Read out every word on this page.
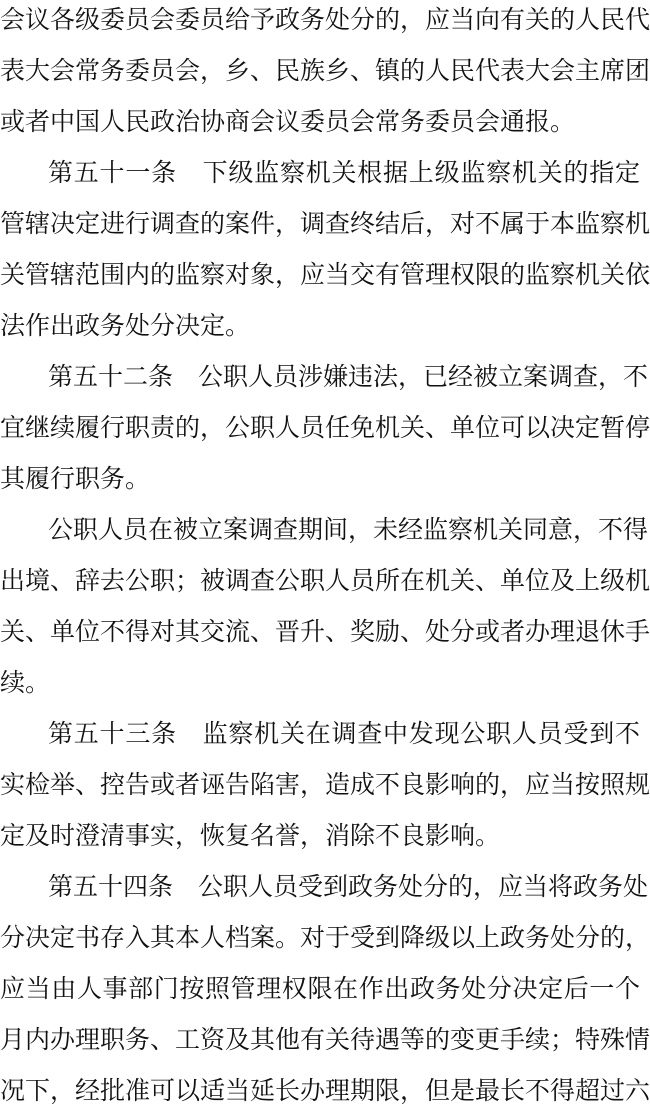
会议各级委员会委员给予政务处分的，应当向有关的人民代
表大会常务委员会，乡、民族乡、镇的人民代表大会主席团
或者中国人民政治协商会议委员会常务委员会通报。
第五十一条　下级监察机关根据上级监察机关的指定
管辖决定进行调查的案件，调查终结后，对不属于本监察机
关管辖范围内的监察对象，应当交有管理权限的监察机关依
法作出政务处分决定。
第五十二条　公职人员涉嫌违法，已经被立案调查，不
宜继续履行职责的，公职人员任免机关、单位可以决定暂停
其履行职务。
公职人员在被立案调查期间，未经监察机关同意，不得
出境、辞去公职；被调查公职人员所在机关、单位及上级机
关、单位不得对其交流、晋升、奖励、处分或者办理退休手
续。
第五十三条　监察机关在调查中发现公职人员受到不
实检举、控告或者诬告陷害，造成不良影响的，应当按照规
定及时澄清事实，恢复名誉，消除不良影响。
第五十四条　公职人员受到政务处分的，应当将政务处
分决定书存入其本人档案。对于受到降级以上政务处分的，
应当由人事部门按照管理权限在作出政务处分决定后一个
月内办理职务、工资及其他有关待遇等的变更手续；特殊情
况下，经批准可以适当延长办理期限，但是最长不得超过六
